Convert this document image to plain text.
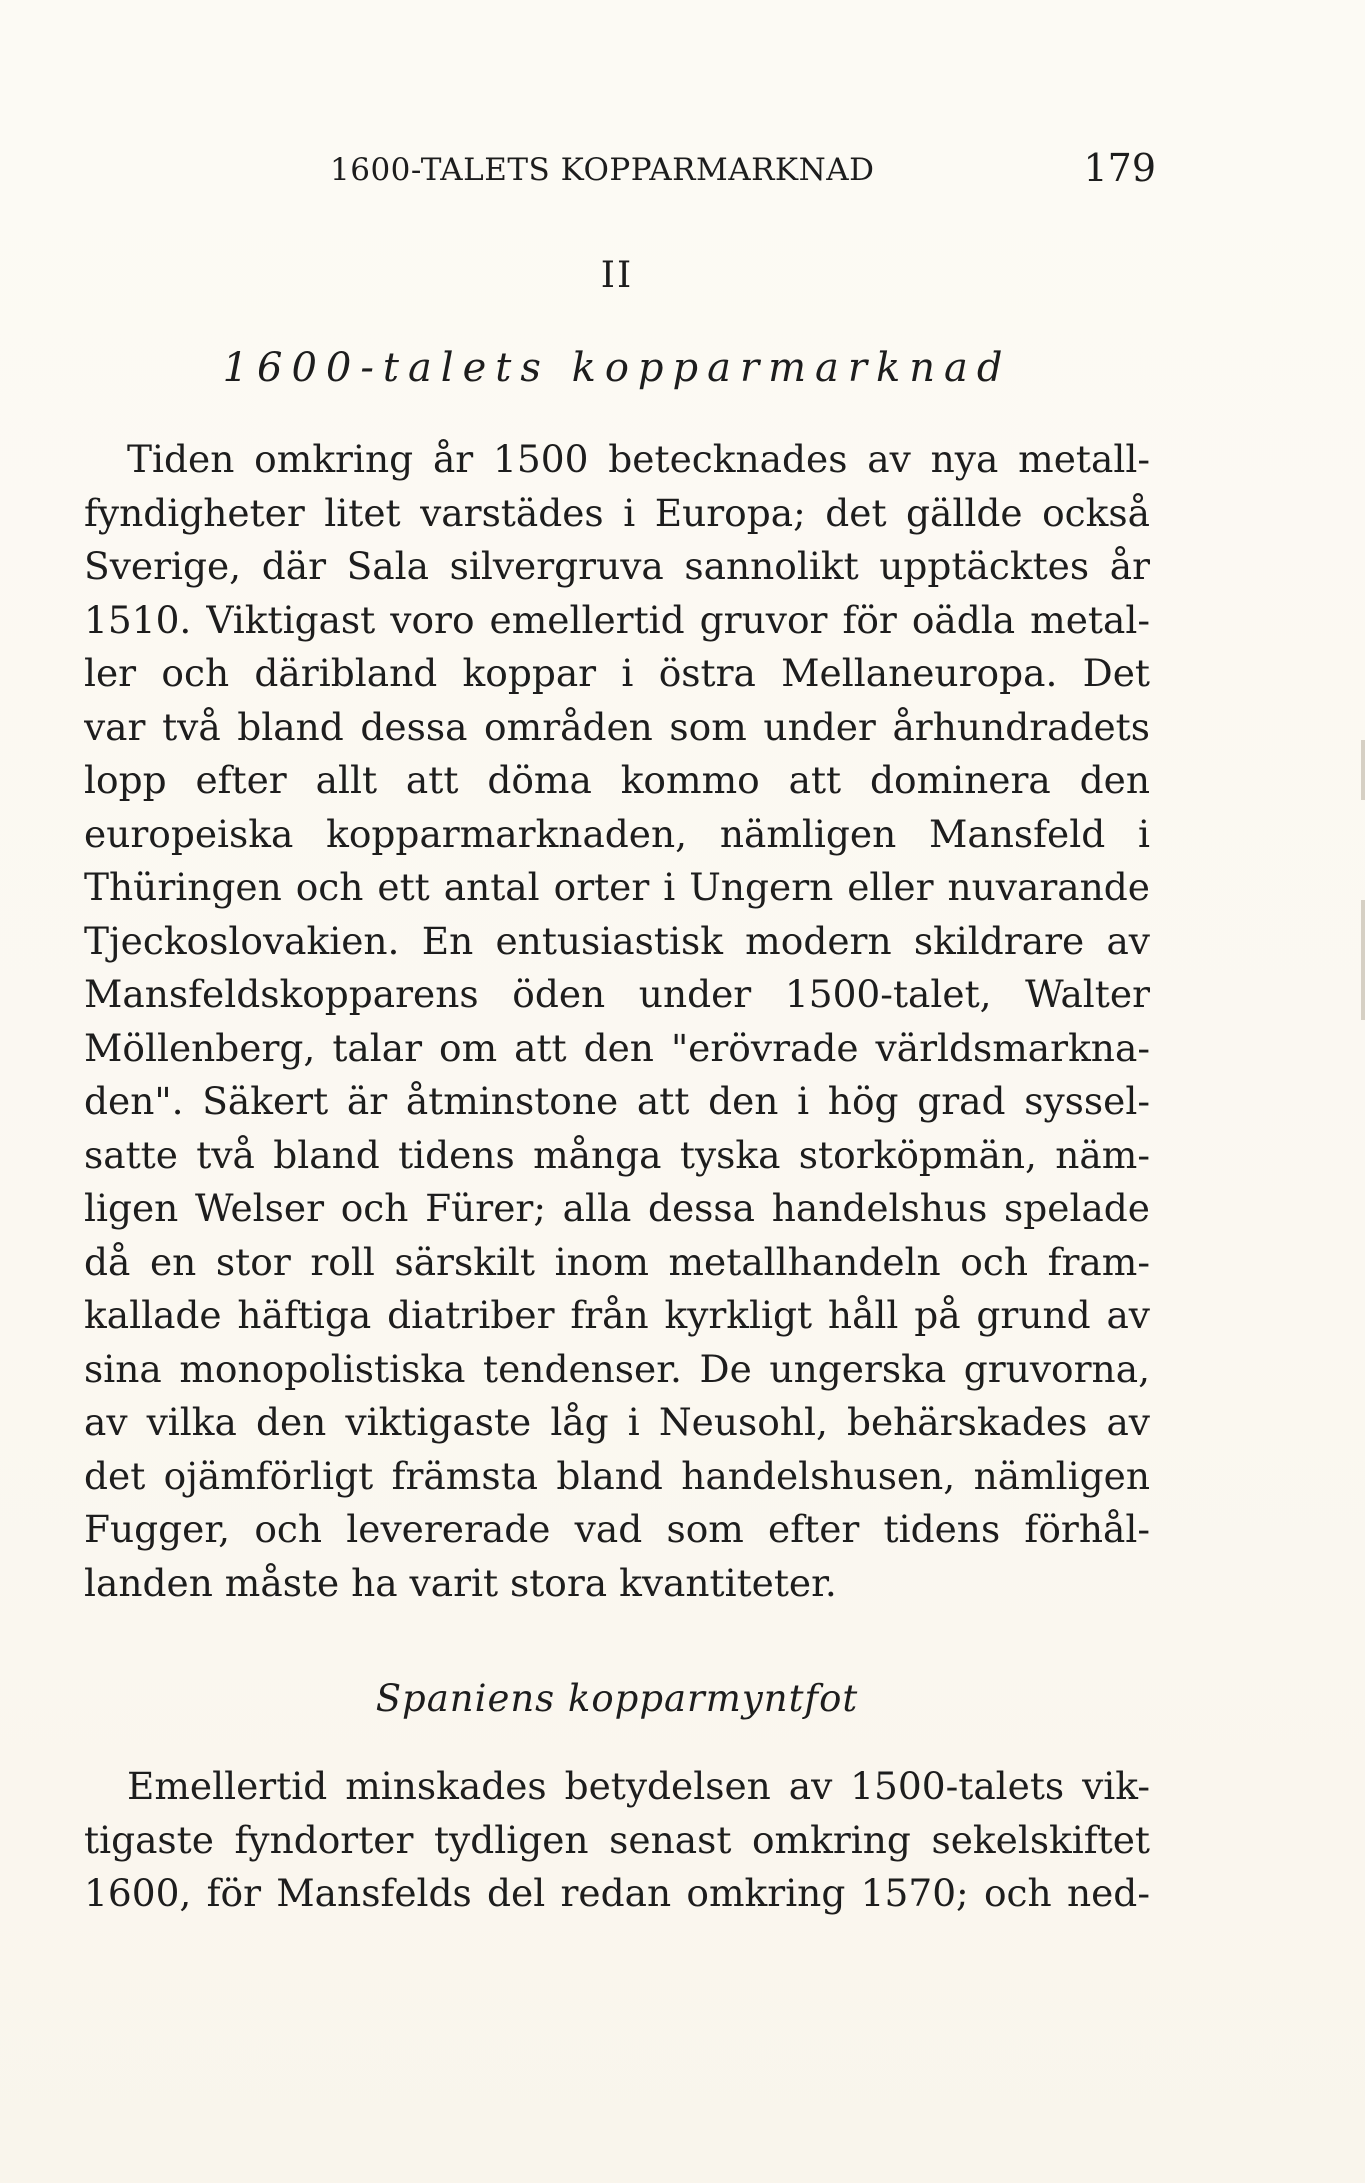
1600-TALETS KOPPARMARKNAD	179
II
1600-talets kopparmarknad
Tiden omkring år 1500 betecknades av nya metall-
fyndigheter litet varstädes i Europa; det gällde också
Sverige, där Sala silvergruva sannolikt upptäcktes år
1510. Viktigast voro emellertid gruvor för oädla metal-
ler och däribland koppar i östra Mellaneuropa. Det
var två bland dessa områden som under århundradets
lopp efter allt att döma kommo att dominera den
europeiska kopparmarknaden, nämligen Mansfeld i
Thüringen och ett antal orter i Ungern eller nuvarande
Tjeckoslovakien. En entusiastisk modern skildrare av
Mansfeldskopparens öden under 1500-talet, Walter
Möllenberg, talar om att den "erövrade världsmarkna-
den". Säkert är åtminstone att den i hög grad syssel-
satte två bland tidens många tyska storköpmän, näm-
ligen Welser och Fürer; alla dessa handelshus spelade
då en stor roll särskilt inom metallhandeln och fram-
kallade häftiga diatriber från kyrkligt håll på grund av
sina monopolistiska tendenser. De ungerska gruvorna,
av vilka den viktigaste låg i Neusohl, behärskades av
det ojämförligt främsta bland handelshusen, nämligen
Fugger, och levererade vad som efter tidens förhål-
landen måste ha varit stora kvantiteter.
Spaniens kopparmyntfot
Emellertid minskades betydelsen av 1500-talets vik-
tigaste fyndorter tydligen senast omkring sekelskiftet
1600, för Mansfelds del redan omkring 1570; och ned-
